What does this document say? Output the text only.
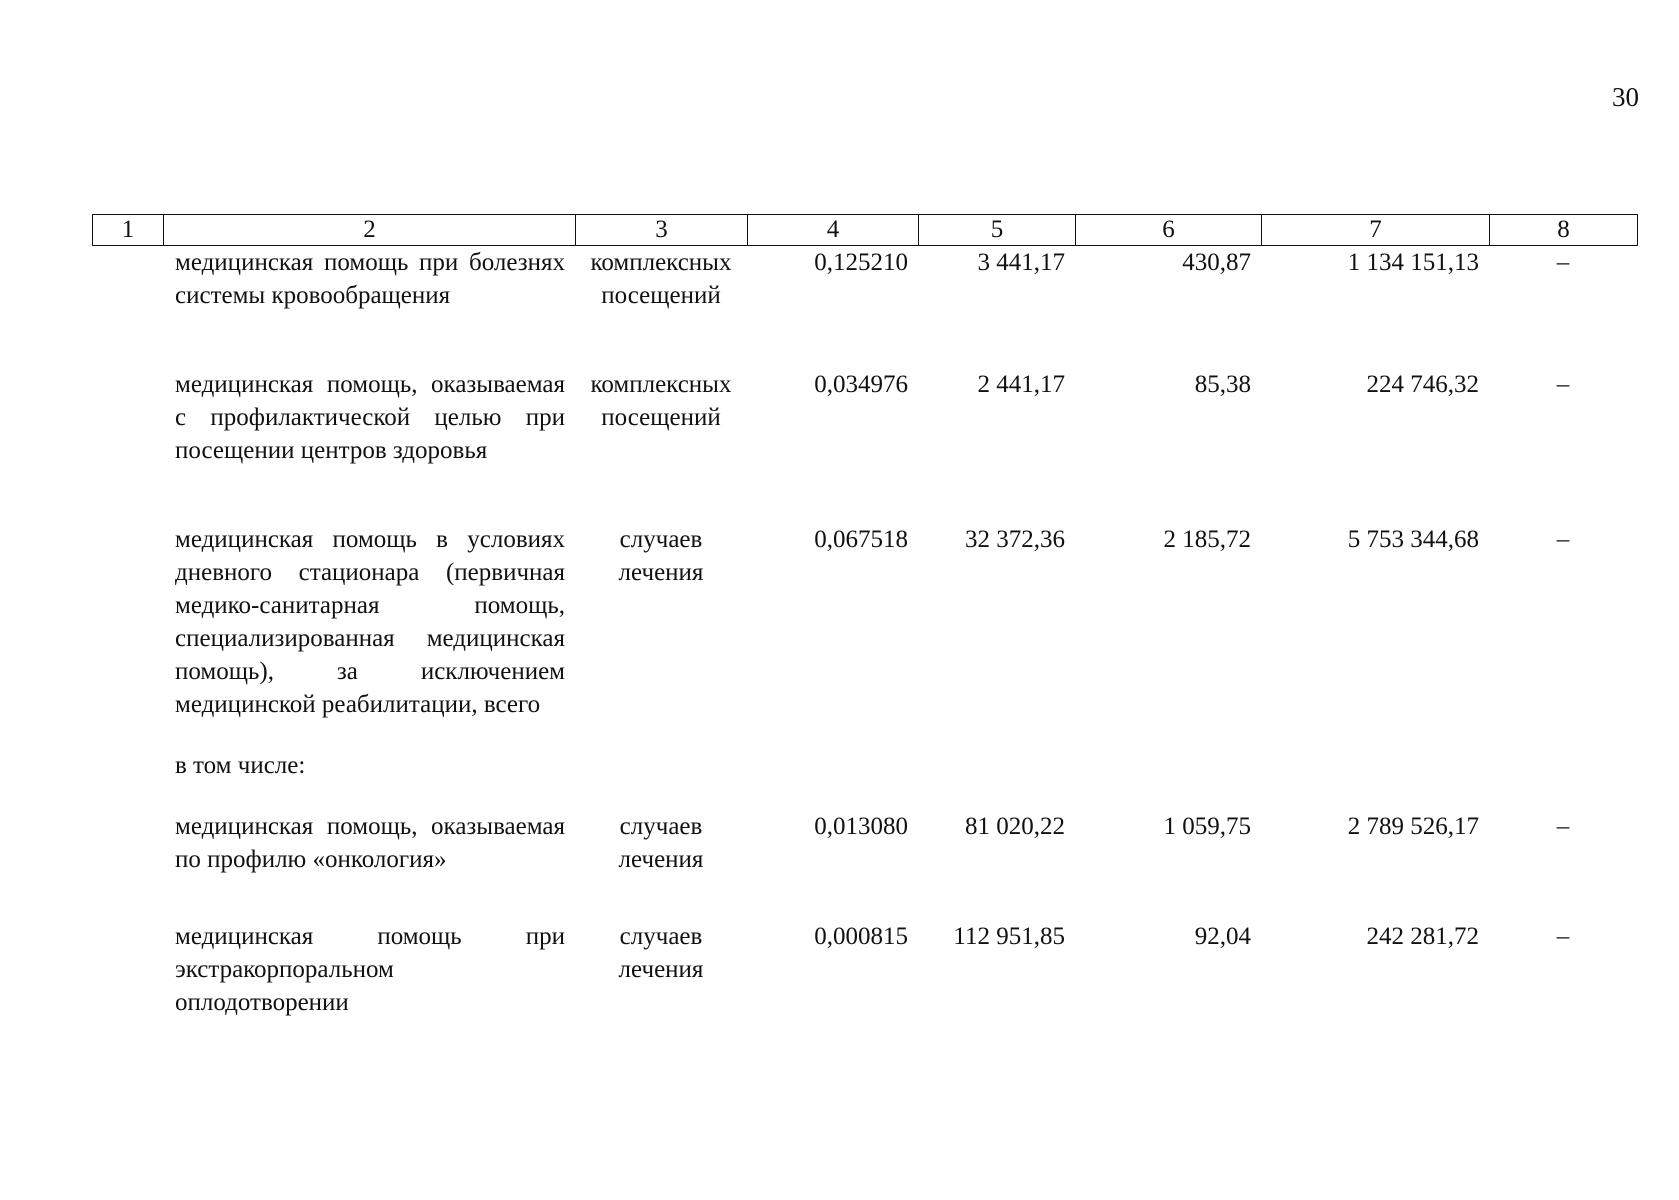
30
1	2	3	4	5	6	7	8
	медицинская помощь при болезнях системы кровообращения	комплексных посещений	0,125210	3 441,17	430,87	1 134 151,13	–

	медицинская помощь, оказываемая с профилактической целью при посещении центров здоровья	комплексных посещений	0,034976	2 441,17	85,38	224 746,32	–

	медицинская помощь в условиях дневного стационара (первичная медико-санитарная помощь, специализированная медицинская помощь), за исключением медицинской реабилитации, всего	случаев лечения	0,067518	32 372,36	2 185,72	5 753 344,68	–

	в том числе:						

	медицинская помощь, оказываемая по профилю «онкология»	случаев лечения	0,013080	81 020,22	1 059,75	2 789 526,17	–

	медицинская помощь при экстракорпоральном оплодотворении	случаев лечения	0,000815	112 951,85	92,04	242 281,72	–
